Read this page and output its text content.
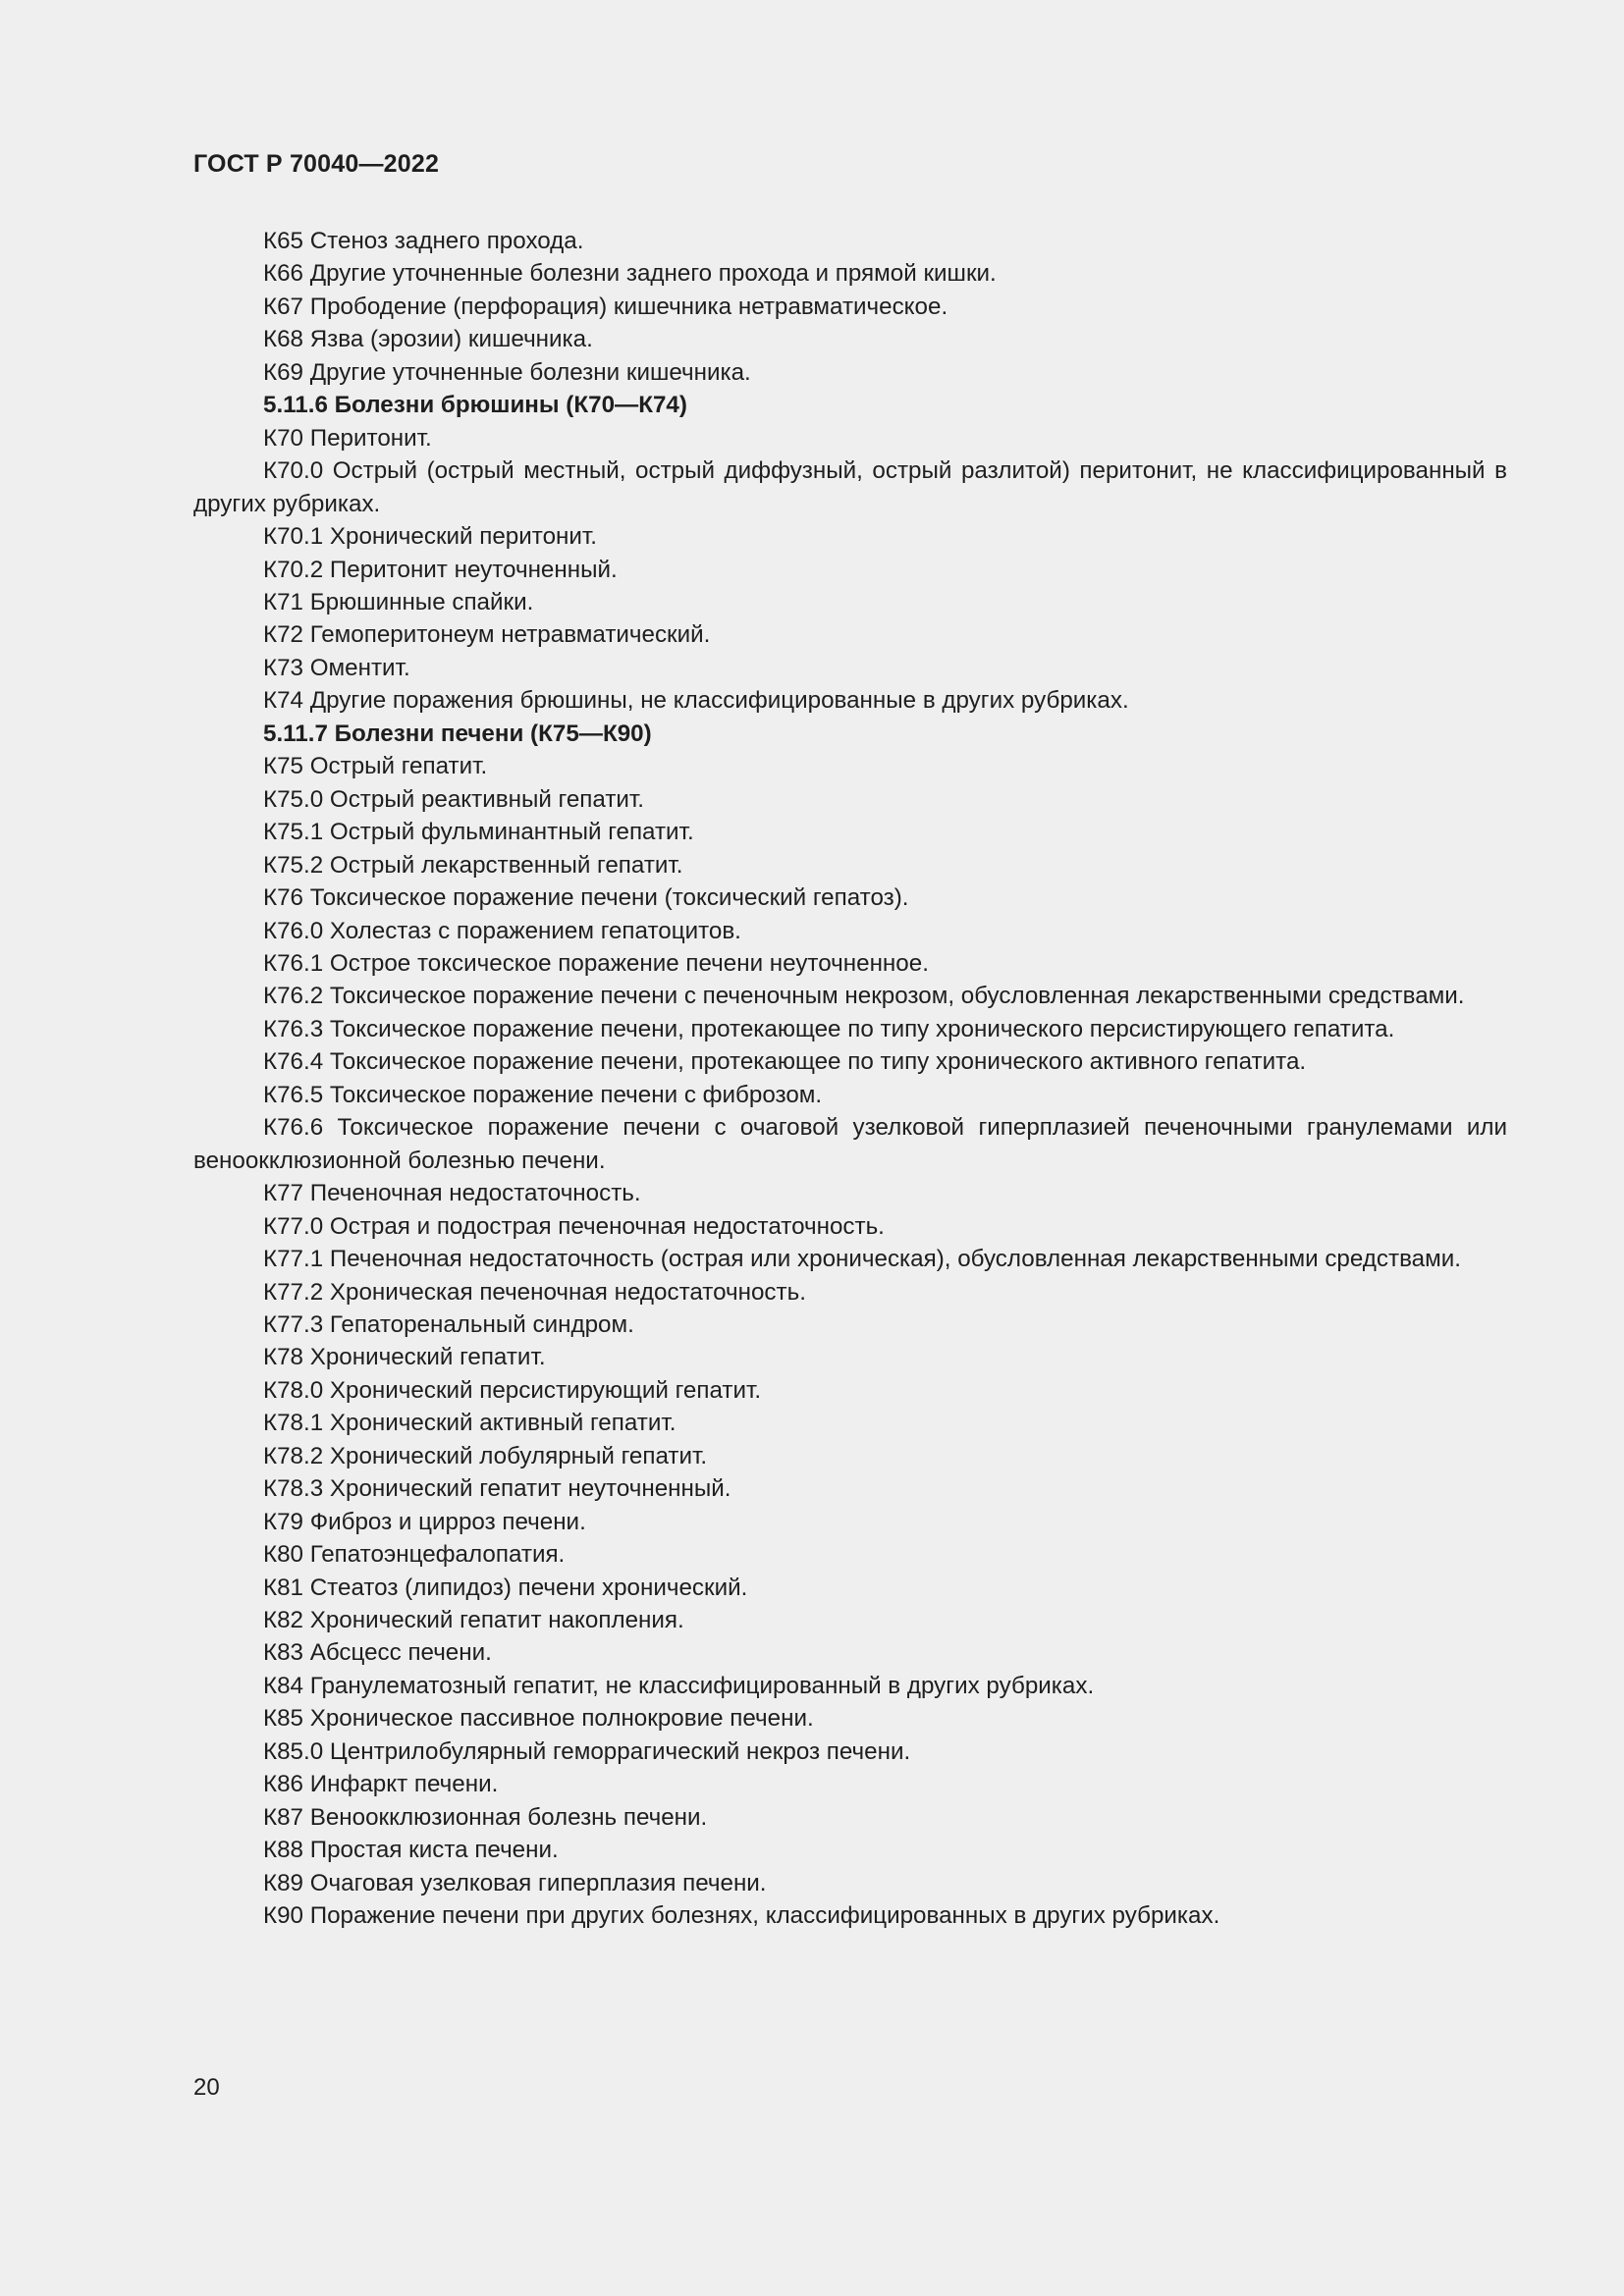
ГОСТ Р 70040—2022

К65 Стеноз заднего прохода.

К66 Другие уточненные болезни заднего прохода и прямой кишки.

К67 Прободение (перфорация) кишечника нетравматическое.

К68 Язва (эрозии) кишечника.

К69 Другие уточненные болезни кишечника.

5.11.6 Болезни брюшины (К70—К74)

К70 Перитонит.

К70.0 Острый (острый местный, острый диффузный, острый разлитой) перитонит, не классифицированный в других рубриках.

К70.1 Хронический перитонит.

К70.2 Перитонит неуточненный.

К71 Брюшинные спайки.

К72 Гемоперитонеум нетравматический.

К73 Оментит.

К74 Другие поражения брюшины, не классифицированные в других рубриках.

5.11.7 Болезни печени (К75—К90)

К75 Острый гепатит.

К75.0 Острый реактивный гепатит.

К75.1 Острый фульминантный гепатит.

К75.2 Острый лекарственный гепатит.

К76 Токсическое поражение печени (токсический гепатоз).

К76.0 Холестаз с поражением гепатоцитов.

К76.1 Острое токсическое поражение печени неуточненное.

К76.2 Токсическое поражение печени с печеночным некрозом, обусловленная лекарственными средствами.

К76.3 Токсическое поражение печени, протекающее по типу хронического персистирующего гепатита.

К76.4 Токсическое поражение печени, протекающее по типу хронического активного гепатита.

К76.5 Токсическое поражение печени с фиброзом.

К76.6 Токсическое поражение печени с очаговой узелковой гиперплазией печеночными гранулемами или веноокклюзионной болезнью печени.

К77 Печеночная недостаточность.

К77.0 Острая и подострая печеночная недостаточность.

К77.1 Печеночная недостаточность (острая или хроническая), обусловленная лекарственными средствами.

К77.2 Хроническая печеночная недостаточность.

К77.3 Гепаторенальный синдром.

К78 Хронический гепатит.

К78.0 Хронический персистирующий гепатит.

К78.1 Хронический активный гепатит.

К78.2 Хронический лобулярный гепатит.

К78.3 Хронический гепатит неуточненный.

К79 Фиброз и цирроз печени.

К80 Гепатоэнцефалопатия.

К81 Стеатоз (липидоз) печени хронический.

К82 Хронический гепатит накопления.

К83 Абсцесс печени.

К84 Гранулематозный гепатит, не классифицированный в других рубриках.

К85 Хроническое пассивное полнокровие печени.

К85.0 Центрилобулярный геморрагический некроз печени.

К86 Инфаркт печени.

К87 Веноокклюзионная болезнь печени.

К88 Простая киста печени.

К89 Очаговая узелковая гиперплазия печени.

К90 Поражение печени при других болезнях, классифицированных в других рубриках.

20
